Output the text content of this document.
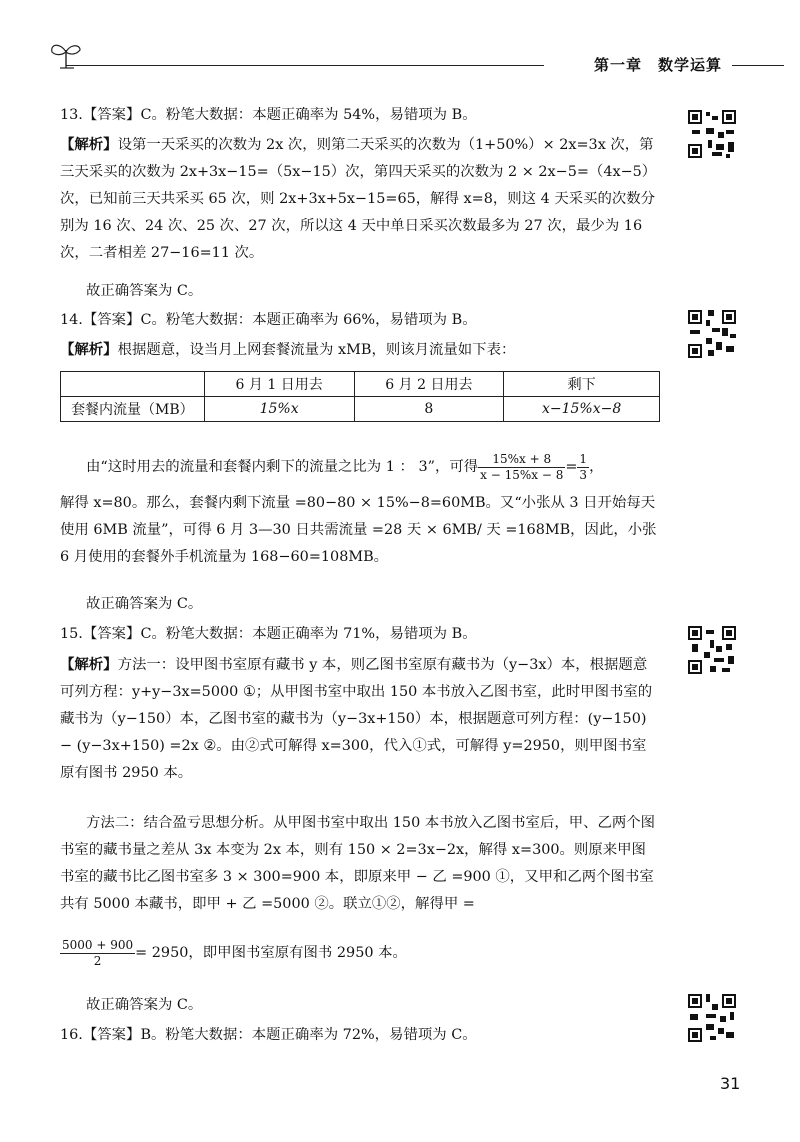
第一章　数学运算

13.【答案】C。粉笔大数据：本题正确率为 54%，易错项为 B。

【解析】设第一天采买的次数为 2x 次，则第二天采买的次数为（1+50%）× 2x=3x 次，第三天采买的次数为 2x+3x−15=（5x−15）次，第四天采买的次数为 2 × 2x−5=（4x−5）次，已知前三天共采买 65 次，则 2x+3x+5x−15=65，解得 x=8，则这 4 天采买的次数分别为 16 次、24 次、25 次、27 次，所以这 4 天中单日采买次数最多为 27 次，最少为 16 次，二者相差 27−16=11 次。

故正确答案为 C。

14.【答案】C。粉笔大数据：本题正确率为 66%，易错项为 B。

【解析】根据题意，设当月上网套餐流量为 xMB，则该月流量如下表：

	6 月 1 日用去	6 月 2 日用去	剩下
套餐内流量（MB）	15%x	8	x−15%x−8

由“这时用去的流量和套餐内剩下的流量之比为 1 ： 3”，可得 $\frac{15\%x + 8}{x - 15\%x - 8} = \frac{1}{3}$ ，

解得 x=80。那么，套餐内剩下流量 =80−80 × 15%−8=60MB。又“小张从 3 日开始每天使用 6MB 流量”，可得 6 月 3—30 日共需流量 =28 天 × 6MB/ 天 =168MB，因此，小张 6 月使用的套餐外手机流量为 168−60=108MB。

故正确答案为 C。

15.【答案】C。粉笔大数据：本题正确率为 71%，易错项为 B。

【解析】方法一：设甲图书室原有藏书 y 本，则乙图书室原有藏书为（y−3x）本，根据题意可列方程：y+y−3x=5000 ①；从甲图书室中取出 150 本书放入乙图书室，此时甲图书室的藏书为（y−150）本，乙图书室的藏书为（y−3x+150）本，根据题意可列方程：(y−150) − (y−3x+150) =2x ②。由②式可解得 x=300，代入①式，可解得 y=2950，则甲图书室原有图书 2950 本。

方法二：结合盈亏思想分析。从甲图书室中取出 150 本书放入乙图书室后，甲、乙两个图书室的藏书量之差从 3x 本变为 2x 本，则有 150 × 2=3x−2x，解得 x=300。则原来甲图书室的藏书比乙图书室多 3 × 300=900 本，即原来甲 − 乙 =900 ①，又甲和乙两个图书室共有 5000 本藏书，即甲 + 乙 =5000 ②。联立①②，解得甲 =

$\frac{5000 + 900}{2} = 2950$，即甲图书室原有图书 2950 本。

故正确答案为 C。

16.【答案】B。粉笔大数据：本题正确率为 72%，易错项为 C。

31
